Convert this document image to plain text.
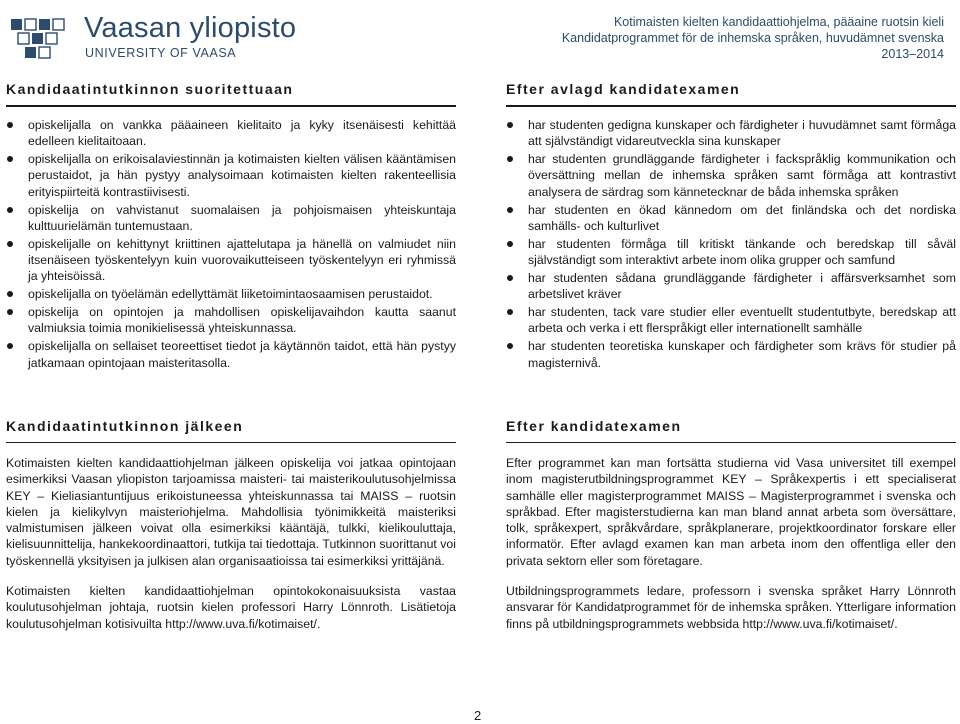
Vaasan yliopisto
UNIVERSITY OF VAASA
Kotimaisten kielten kandidaattiohjelma, pääaine ruotsin kieli
Kandidatprogrammet för de inhemska språken, huvudämnet svenska
2013–2014
Kandidaatintutkinnon suoritettuaan
opiskelijalla on vankka pääaineen kielitaito ja kyky itsenäisesti kehittää edelleen kielitaitoaan.
opiskelijalla on erikoisalaviestinnän ja kotimaisten kielten välisen kääntämisen perustaidot, ja hän pystyy analysoimaan kotimaisten kielten rakenteellisia erityispiirteitä kontrastiivisesti.
opiskelija on vahvistanut suomalaisen ja pohjoismaisen yhteiskuntaja kulttuurielämän tuntemustaan.
opiskelijalle on kehittynyt kriittinen ajattelutapa ja hänellä on valmiudet niin itsenäiseen työskentelyyn kuin vuorovaikutteiseen työskentelyyn eri ryhmissä ja yhteisöissä.
opiskelijalla on työelämän edellyttämät liiketoimintaosaamisen perustaidot.
opiskelija on opintojen ja mahdollisen opiskelijavaihdon kautta saanut valmiuksia toimia monikielisessä yhteiskunnassa.
opiskelijalla on sellaiset teoreettiset tiedot ja käytännön taidot, että hän pystyy jatkamaan opintojaan maisteritasolla.
Efter avlagd kandidatexamen
har studenten gedigna kunskaper och färdigheter i huvudämnet samt förmåga att självständigt vidareutveckla sina kunskaper
har studenten grundläggande färdigheter i fackspråklig kommunikation och översättning mellan de inhemska språken samt förmåga att kontrastivt analysera de särdrag som kännetecknar de båda inhemska språken
har studenten en ökad kännedom om det finländska och det nordiska samhälls- och kulturlivet
har studenten förmåga till kritiskt tänkande och beredskap till såväl självständigt som interaktivt arbete inom olika grupper och samfund
har studenten sådana grundläggande färdigheter i affärsverksamhet som arbetslivet kräver
har studenten, tack vare studier eller eventuellt studentutbyte, beredskap att arbeta och verka i ett flerspråkigt eller internationellt samhälle
har studenten teoretiska kunskaper och färdigheter som krävs för studier på magisternivå.
Kandidaatintutkinnon jälkeen

Kotimaisten kielten kandidaattiohjelman jälkeen opiskelija voi jatkaa opintojaan esimerkiksi Vaasan yliopiston tarjoamissa maisteri- tai maisterikoulutusohjelmissa KEY – Kieliasiantuntijuus erikoistuneessa yhteiskunnassa tai MAISS – ruotsin kielen ja kielikylvyn maisteriohjelma. Mahdollisia työnimikkeitä maisteriksi valmistumisen jälkeen voivat olla esimerkiksi kääntäjä, tulkki, kielikouluttaja, kielisuunnittelija, hankekoordinaattori, tutkija tai tiedottaja. Tutkinnon suorittanut voi työskennellä yksityisen ja julkisen alan organisaatioissa tai esimerkiksi yrittäjänä.

Kotimaisten kielten kandidaattiohjelman opintokokonaisuuksista vastaa koulutusohjelman johtaja, ruotsin kielen professori Harry Lönnroth. Lisätietoja koulutusohjelman kotisivuilta http://www.uva.fi/kotimaiset/.

Efter kandidatexamen

Efter programmet kan man fortsätta studierna vid Vasa universitet till exempel inom magisterutbildningsprogrammet KEY – Språkexpertis i ett specialiserat samhälle eller magisterprogrammet MAISS – Magisterprogrammet i svenska och språkbad. Efter magisterstudierna kan man bland annat arbeta som översättare, tolk, språkexpert, språkvårdare, språkplanerare, projektkoordinator forskare eller informatör. Efter avlagd examen kan man arbeta inom den offentliga eller den privata sektorn eller som företagare.

Utbildningsprogrammets ledare, professorn i svenska språket Harry Lönnroth ansvarar för Kandidatprogrammet för de inhemska språken. Ytterligare information finns på utbildningsprogrammets webbsida http://www.uva.fi/kotimaiset/.

2
